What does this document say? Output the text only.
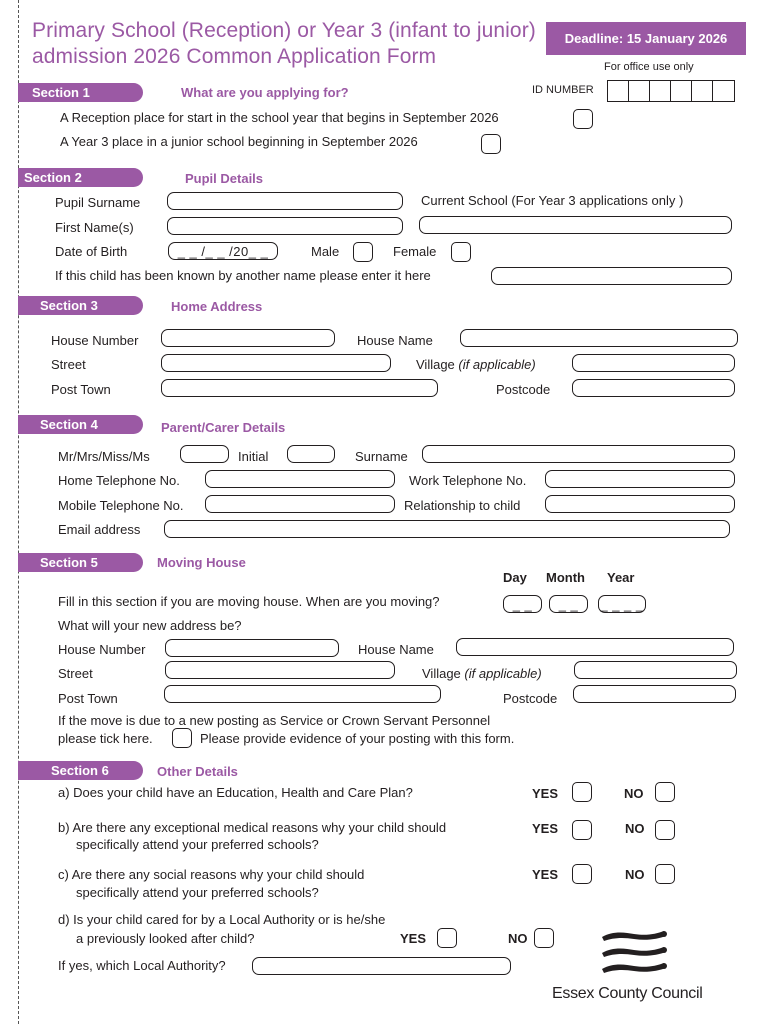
Primary School (Reception) or Year 3 (infant to junior) admission 2026 Common Application Form
Deadline: 15 January 2026
For office use only
ID NUMBER
Section 1	What are you applying for?
A Reception place for start in the school year that begins in September 2026
A Year 3 place in a junior school beginning in September 2026
Section 2	Pupil Details
Pupil Surname	Current School (For Year 3 applications only )
First Name(s)
Date of Birth	_ _ /_ _ /20_ _	Male	Female
If this child has been known by another name please enter it here
Section 3	Home Address
House Number	House Name
Street	Village (if applicable)
Post Town	Postcode
Section 4	Parent/Carer Details
Mr/Mrs/Miss/Ms	Initial	Surname
Home Telephone No.	Work Telephone No.
Mobile Telephone No.	Relationship to child
Email address
Section 5	Moving House
Day Month Year
Fill in this section if you are moving house. When are you moving?	_ _	_ _	_ _ _ _
What will your new address be?
House Number	House Name
Street	Village (if applicable)
Post Town	Postcode
If the move is due to a new posting as Service or Crown Servant Personnel
please tick here.	Please provide evidence of your posting with this form.
Section 6	Other Details
a) Does your child have an Education, Health and Care Plan?	YES	NO
b) Are there any exceptional medical reasons why your child should
specifically attend your preferred schools?
YES	NO
c) Are there any social reasons why your child should
specifically attend your preferred schools?
YES	NO
d) Is your child cared for by a Local Authority or is he/she
a previously looked after child?	YES	NO
If yes, which Local Authority?
Essex County Council
